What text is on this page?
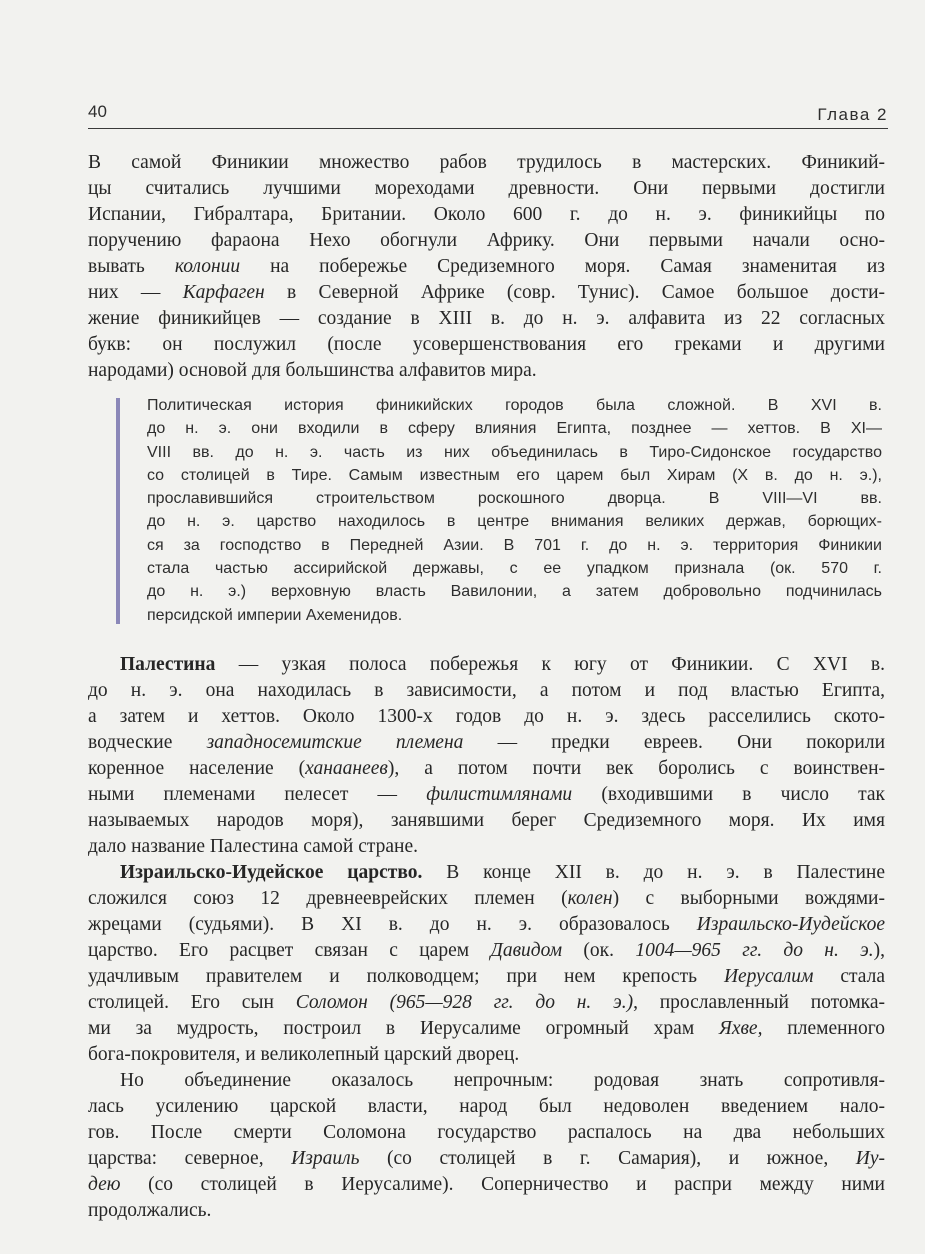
40	Глава 2
В самой Финикии множество рабов трудилось в мастерских. Финикий-
цы считались лучшими мореходами древности. Они первыми достигли
Испании, Гибралтара, Британии. Около 600 г. до н. э. финикийцы по
поручению фараона Нехо обогнули Африку. Они первыми начали осно-
вывать колонии на побережье Средиземного моря. Самая знаменитая из
них — Карфаген в Северной Африке (совр. Тунис). Самое большое дости-
жение финикийцев — создание в XIII в. до н. э. алфавита из 22 согласных
букв: он послужил (после усовершенствования его греками и другими
народами) основой для большинства алфавитов мира.
Политическая история финикийских городов была сложной. В XVI в.
до н. э. они входили в сферу влияния Египта, позднее — хеттов. В XI—
VIII вв. до н. э. часть из них объединилась в Тиро-Сидонское государство
со столицей в Тире. Самым известным его царем был Хирам (X в. до н. э.),
прославившийся строительством роскошного дворца. В VIII—VI вв.
до н. э. царство находилось в центре внимания великих держав, борющих-
ся за господство в Передней Азии. В 701 г. до н. э. территория Финикии
стала частью ассирийской державы, с ее упадком признала (ок. 570 г.
до н. э.) верховную власть Вавилонии, а затем добровольно подчинилась
персидской империи Ахеменидов.
Палестина — узкая полоса побережья к югу от Финикии. С XVI в.
до н. э. она находилась в зависимости, а потом и под властью Египта,
а затем и хеттов. Около 1300-х годов до н. э. здесь расселились ското-
водческие западносемитские племена — предки евреев. Они покорили
коренное население (ханаанеев), а потом почти век боролись с воинствен-
ными племенами пелесет — филистимлянами (входившими в число так
называемых народов моря), занявшими берег Средиземного моря. Их имя
дало название Палестина самой стране.
Израильско-Иудейское царство. В конце XII в. до н. э. в Палестине
сложился союз 12 древнееврейских племен (колен) с выборными вождями-
жрецами (судьями). В XI в. до н. э. образовалось Израильско-Иудейское
царство. Его расцвет связан с царем Давидом (ок. 1004—965 гг. до н. э.),
удачливым правителем и полководцем; при нем крепость Иерусалим стала
столицей. Его сын Соломон (965—928 гг. до н. э.), прославленный потомка-
ми за мудрость, построил в Иерусалиме огромный храм Яхве, племенного
бога-покровителя, и великолепный царский дворец.
Но объединение оказалось непрочным: родовая знать сопротивля-
лась усилению царской власти, народ был недоволен введением нало-
гов. После смерти Соломона государство распалось на два небольших
царства: северное, Израиль (со столицей в г. Самария), и южное, Иу-
дею (со столицей в Иерусалиме). Соперничество и распри между ними
продолжались.
